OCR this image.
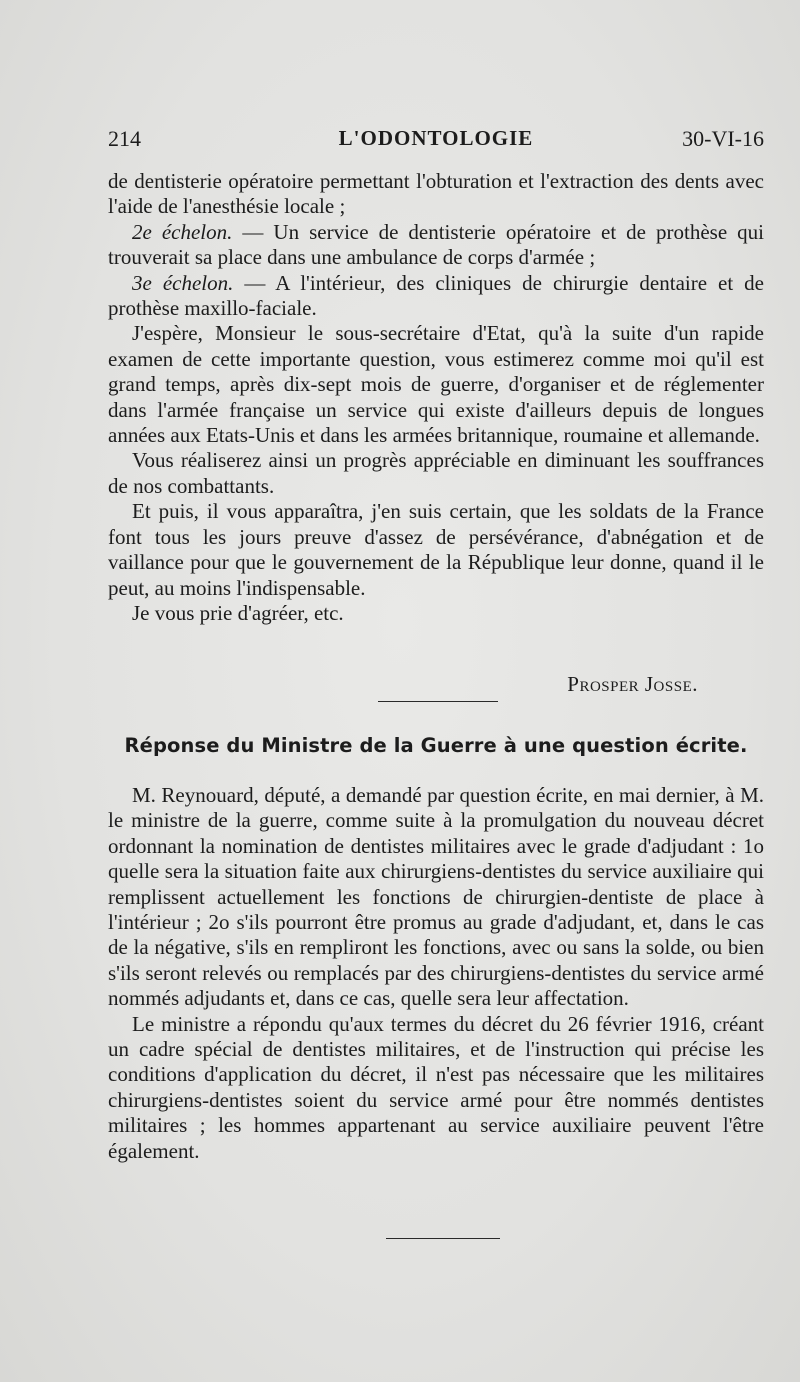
214	L'ODONTOLOGIE	30-VI-16

de dentisterie opératoire permettant l'obturation et l'extraction des dents avec l'aide de l'anesthésie locale ;

2e échelon. — Un service de dentisterie opératoire et de prothèse qui trouverait sa place dans une ambulance de corps d'armée ;

3e échelon. — A l'intérieur, des cliniques de chirurgie dentaire et de prothèse maxillo-faciale.

J'espère, Monsieur le sous-secrétaire d'Etat, qu'à la suite d'un rapide examen de cette importante question, vous estimerez comme moi qu'il est grand temps, après dix-sept mois de guerre, d'organiser et de réglementer dans l'armée française un service qui existe d'ailleurs depuis de longues années aux Etats-Unis et dans les armées britannique, roumaine et allemande.

Vous réaliserez ainsi un progrès appréciable en diminuant les souffrances de nos combattants.

Et puis, il vous apparaîtra, j'en suis certain, que les soldats de la France font tous les jours preuve d'assez de persévérance, d'abnégation et de vaillance pour que le gouvernement de la République leur donne, quand il le peut, au moins l'indispensable.

Je vous prie d'agréer, etc.

Prosper Josse.
Réponse du Ministre de la Guerre à une question écrite.

M. Reynouard, député, a demandé par question écrite, en mai dernier, à M. le ministre de la guerre, comme suite à la promulgation du nouveau décret ordonnant la nomination de dentistes militaires avec le grade d'adjudant : 1o quelle sera la situation faite aux chirurgiens-dentistes du service auxiliaire qui remplissent actuellement les fonctions de chirurgien-dentiste de place à l'intérieur ; 2o s'ils pourront être promus au grade d'adjudant, et, dans le cas de la négative, s'ils en rempliront les fonctions, avec ou sans la solde, ou bien s'ils seront relevés ou remplacés par des chirurgiens-dentistes du service armé nommés adjudants et, dans ce cas, quelle sera leur affectation.

Le ministre a répondu qu'aux termes du décret du 26 février 1916, créant un cadre spécial de dentistes militaires, et de l'instruction qui précise les conditions d'application du décret, il n'est pas nécessaire que les militaires chirurgiens-dentistes soient du service armé pour être nommés dentistes militaires ; les hommes appartenant au service auxiliaire peuvent l'être également.
